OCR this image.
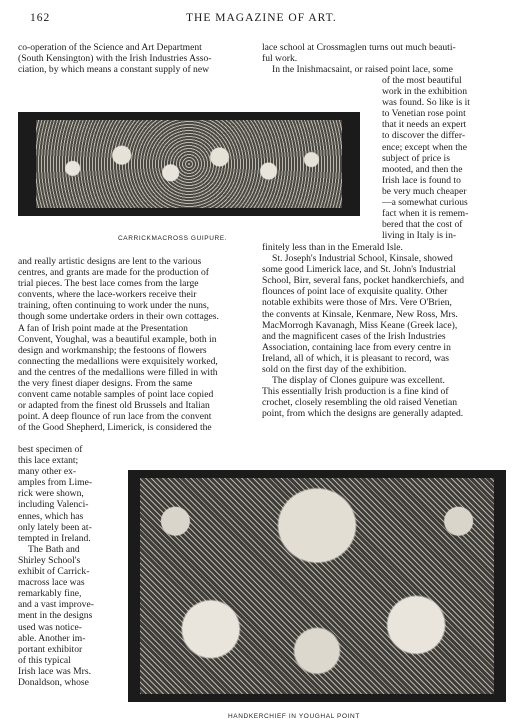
162	THE MAGAZINE OF ART.
co-operation of the Science and Art Department
(South Kensington) with the Irish Industries Asso-
ciation, by which means a constant supply of new
lace school at Crossmaglen turns out much beauti-
ful work.
In the Inishmacsaint, or raised point lace, some
CARRICKMACROSS GUIPURE.
of the most beautiful
work in the exhibition
was found. So like is it
to Venetian rose point
that it needs an expert
to discover the differ-
ence; except when the
subject of price is
mooted, and then the
Irish lace is found to
be very much cheaper
—a somewhat curious
fact when it is remem-
bered that the cost of
living in Italy is in-
and really artistic designs are lent to the various
centres, and grants are made for the production of
trial pieces. The best lace comes from the large
convents, where the lace-workers receive their
training, often continuing to work under the nuns,
though some undertake orders in their own cottages.
A fan of Irish point made at the Presentation
Convent, Youghal, was a beautiful example, both in
design and workmanship; the festoons of flowers
connecting the medallions were exquisitely worked,
and the centres of the medallions were filled in with
the very finest diaper designs. From the same
convent came notable samples of point lace copied
or adapted from the finest old Brussels and Italian
point. A deep flounce of run lace from the convent
of the Good Shepherd, Limerick, is considered the
finitely less than in the Emerald Isle.
St. Joseph's Industrial School, Kinsale, showed
some good Limerick lace, and St. John's Industrial
School, Birr, several fans, pocket handkerchiefs, and
flounces of point lace of exquisite quality. Other
notable exhibits were those of Mrs. Vere O'Brien,
the convents at Kinsale, Kenmare, New Ross, Mrs.
MacMorrogh Kavanagh, Miss Keane (Greek lace),
and the magnificent cases of the Irish Industries
Association, containing lace from every centre in
Ireland, all of which, it is pleasant to record, was
sold on the first day of the exhibition.
The display of Clones guipure was excellent.
This essentially Irish production is a fine kind of
crochet, closely resembling the old raised Venetian
point, from which the designs are generally adapted.
best specimen of
this lace extant;
many other ex-
amples from Lime-
rick were shown,
including Valenci-
ennes, which has
only lately been at-
tempted in Ireland.
The Bath and
Shirley School's
exhibit of Carrick-
macross lace was
remarkably fine,
and a vast improve-
ment in the designs
used was notice-
able. Another im-
portant exhibitor
of this typical
Irish lace was Mrs.
Donaldson, whose
HANDKERCHIEF IN YOUGHAL POINT
